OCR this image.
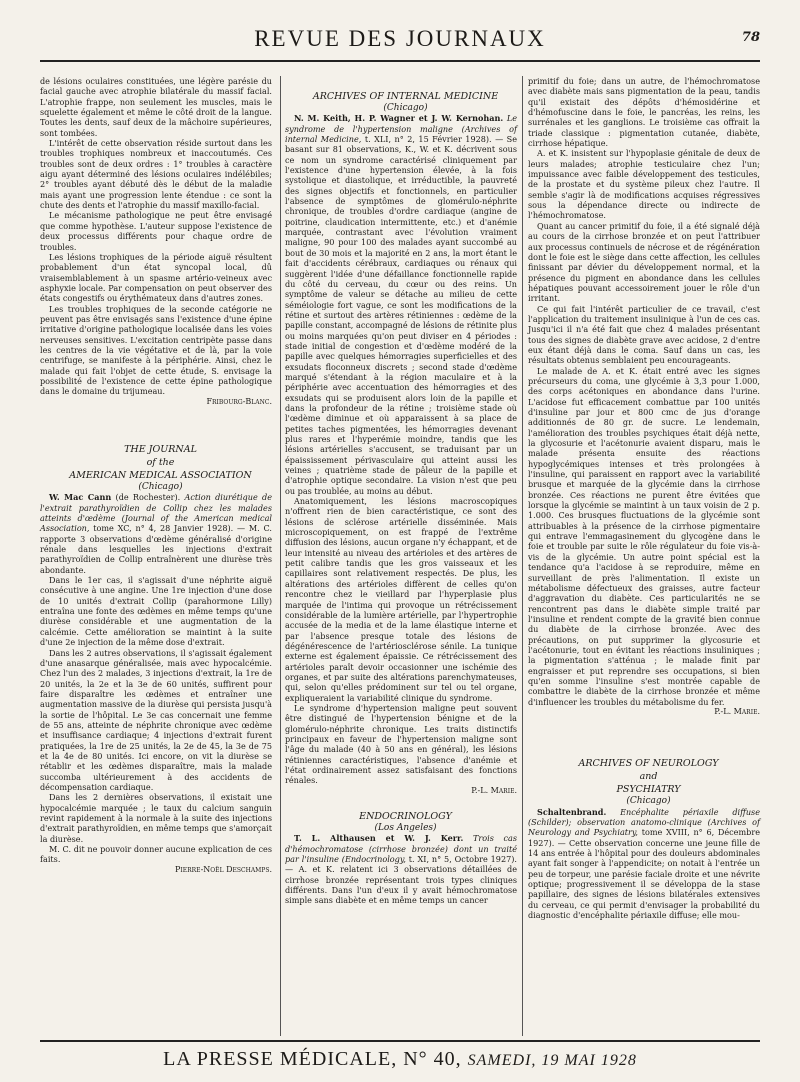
REVUE DES JOURNAUX	78

de lésions oculaires constituées, une légère parésie du facial gauche avec atrophie bilatérale du massif facial. L'atrophie frappe, non seulement les muscles, mais le squelette également et même le côté droit de la langue. Toutes les dents, sauf deux de la mâchoire supérieures, sont tombées.

L'intérêt de cette observation réside surtout dans les troubles trophiques nombreux et inaccoutumés. Ces troubles sont de deux ordres : 1° troubles à caractère aigu ayant déterminé des lésions oculaires indélébiles; 2° troubles ayant débuté dès le début de la maladie mais ayant une progression lente étendue : ce sont la chute des dents et l'atrophie du massif maxillo-facial.

Le mécanisme pathologique ne peut être envisagé que comme hypothèse. L'auteur suppose l'existence de deux processus différents pour chaque ordre de troubles.

Les lésions trophiques de la période aiguë résultent probablement d'un état syncopal local, dû vraisemblablement à un spasme artério-veineux avec asphyxie locale. Par compensation on peut observer des états congestifs ou érythémateux dans d'autres zones.

Les troubles trophiques de la seconde catégorie ne peuvent pas être envisagés sans l'existence d'une épine irritative d'origine pathologique localisée dans les voies nerveuses sensitives. L'excitation centripète passe dans les centres de la vie végétative et de là, par la voie centrifuge, se manifeste à la périphérie. Ainsi, chez le malade qui fait l'objet de cette étude, S. envisage la possibilité de l'existence de cette épine pathologique dans le domaine du trijumeau.

Fribourg-Blanc.

THE JOURNAL

of the

AMERICAN MEDICAL ASSOCIATION

(Chicago)

W. Mac Cann (de Rochester). Action diurétique de l'extrait parathyroïdien de Collip chez les malades atteints d'œdème (Journal of the American medical Association, tome XC, n° 4, 28 Janvier 1928). — M. C. rapporte 3 observations d'œdème généralisé d'origine rénale dans lesquelles les injections d'extrait parathyroïdien de Collip entraînèrent une diurèse très abondante.

Dans le 1er cas, il s'agissait d'une néphrite aiguë consécutive à une angine. Une 1re injection d'une dose de 10 unités d'extrait Collip (parahormone Lilly) entraîna une fonte des œdèmes en même temps qu'une diurèse considérable et une augmentation de la calcémie. Cette amélioration se maintint à la suite d'une 2e injection de la même dose d'extrait.

Dans les 2 autres observations, il s'agissait également d'une anasarque généralisée, mais avec hypocalcémie. Chez l'un des 2 malades, 3 injections d'extrait, la 1re de 20 unités, la 2e et la 3e de 60 unités, suffirent pour faire disparaître les œdèmes et entraîner une augmentation massive de la diurèse qui persista jusqu'à la sortie de l'hôpital. Le 3e cas concernait une femme de 55 ans, atteinte de néphrite chronique avec œdème et insuffisance cardiaque; 4 injections d'extrait furent pratiquées, la 1re de 25 unités, la 2e de 45, la 3e de 75 et la 4e de 80 unités. Ici encore, on vit la diurèse se rétablir et les œdèmes disparaître, mais la malade succomba ultérieurement à des accidents de décompensation cardiaque.

Dans les 2 dernières observations, il existait une hypocalcémie marquée ; le taux du calcium sanguin revint rapidement à la normale à la suite des injections d'extrait parathyroïdien, en même temps que s'amorçait la diurèse.

M. C. dit ne pouvoir donner aucune explication de ces faits.

Pierre-Noël Deschamps.

ARCHIVES OF INTERNAL MEDICINE

(Chicago)

N. M. Keith, H. P. Wagner et J. W. Kernohan. Le syndrome de l'hypertension maligne (Archives of internal Medicine, t. XLI, n° 2, 15 Février 1928). — Se basant sur 81 observations, K., W. et K. décrivent sous ce nom un syndrome caractérisé cliniquement par l'existence d'une hypertension élevée, à la fois systolique et diastolique, et irréductible, la pauvreté des signes objectifs et fonctionnels, en particulier l'absence de symptômes de glomérulo-néphrite chronique, de troubles d'ordre cardiaque (angine de poitrine, claudication intermittente, etc.) et d'anémie marquée, contrastant avec l'évolution vraiment maligne, 90 pour 100 des malades ayant succombé au bout de 30 mois et la majorité en 2 ans, la mort étant le fait d'accidents cérébraux, cardiaques ou rénaux qui suggèrent l'idée d'une défaillance fonctionnelle rapide du côté du cerveau, du cœur ou des reins. Un symptôme de valeur se détache au milieu de cette séméiologie fort vague, ce sont les modifications de la rétine et surtout des artères rétiniennes : œdème de la papille constant, accompagné de lésions de rétinite plus ou moins marquées qu'on peut diviser en 4 périodes : stade initial de congestion et d'œdème modéré de la papille avec quelques hémorragies superficielles et des exsudats floconneux discrets ; second stade d'œdème marqué s'étendant à la région maculaire et à la périphérie avec accentuation des hémorragies et des exsudats qui se produisent alors loin de la papille et dans la profondeur de la rétine ; troisième stade où l'œdème diminue et où apparaissent à sa place de petites taches pigmentées, les hémorragies devenant plus rares et l'hyperémie moindre, tandis que les lésions artérielles s'accusent, se traduisant par un épaississement périvasculaire qui atteint aussi les veines ; quatrième stade de pâleur de la papille et d'atrophie optique secondaire. La vision n'est que peu ou pas troublée, au moins au début.

Anatomiquement, les lésions macroscopiques n'offrent rien de bien caractéristique, ce sont des lésions de sclérose artérielle disséminée. Mais microscopiquement, on est frappé de l'extrême diffusion des lésions, aucun organe n'y échappant, et de leur intensité au niveau des artérioles et des artères de petit calibre tandis que les gros vaisseaux et les capillaires sont relativement respectés. De plus, les altérations des artérioles diffèrent de celles qu'on rencontre chez le vieillard par l'hyperplasie plus marquée de l'intima qui provoque un rétrécissement considérable de la lumière artérielle, par l'hypertrophie accusée de la media et de la lame élastique interne et par l'absence presque totale des lésions de dégénérescence de l'artériosclérose sénile. La tunique externe est également épaissie. Ce rétrécissement des artérioles paraît devoir occasionner une ischémie des organes, et par suite des altérations parenchymateuses, qui, selon qu'elles prédominent sur tel ou tel organe, expliqueraient la variabilité clinique du syndrome.

Le syndrome d'hypertension maligne peut souvent être distingué de l'hypertension bénigne et de la glomérulo-néphrite chronique. Les traits distinctifs principaux en faveur de l'hypertension maligne sont l'âge du malade (40 à 50 ans en général), les lésions rétiniennes caractéristiques, l'absence d'anémie et l'état ordinairement assez satisfaisant des fonctions rénales.

P.-L. Marie.

ENDOCRINOLOGY

(Los Angeles)

T. L. Althausen et W. J. Kerr. Trois cas d'hémochromatose (cirrhose bronzée) dont un traité par l'insuline (Endocrinology, t. XI, n° 5, Octobre 1927). — A. et K. relatent ici 3 observations détaillées de cirrhose bronzée représentant trois types cliniques différents. Dans l'un d'eux il y avait hémochromatose simple sans diabète et en même temps un cancer

primitif du foie; dans un autre, de l'hémochromatose avec diabète mais sans pigmentation de la peau, tandis qu'il existait des dépôts d'hémosidérine et d'hémofuscine dans le foie, le pancréas, les reins, les surrénales et les ganglions. Le troisième cas offrait la triade classique : pigmentation cutanée, diabète, cirrhose hépatique.

A. et K. insistent sur l'hypoplasie génitale de deux de leurs malades; atrophie testiculaire chez l'un; impuissance avec faible développement des testicules, de la prostate et du système pileux chez l'autre. Il semble s'agir là de modifications acquises régressives sous la dépendance directe ou indirecte de l'hémochromatose.

Quant au cancer primitif du foie, il a été signalé déjà au cours de la cirrhose bronzée et on peut l'attribuer aux processus continuels de nécrose et de régénération dont le foie est le siège dans cette affection, les cellules finissant par dévier du développement normal, et la présence du pigment en abondance dans les cellules hépatiques pouvant accessoirement jouer le rôle d'un irritant.

Ce qui fait l'intérêt particulier de ce travail, c'est l'application du traitement insulinique à l'un de ces cas. Jusqu'ici il n'a été fait que chez 4 malades présentant tous des signes de diabète grave avec acidose, 2 d'entre eux étant déjà dans le coma. Sauf dans un cas, les résultats obtenus semblaient peu encourageants.

Le malade de A. et K. était entré avec les signes précurseurs du coma, une glycémie à 3,3 pour 1.000, des corps acétoniques en abondance dans l'urine. L'acidose fut efficacement combattue par 100 unités d'insuline par jour et 800 cmc de jus d'orange additionnés de 80 gr. de sucre. Le lendemain, l'amélioration des troubles psychiques était déjà nette, la glycosurie et l'acétonurie avaient disparu, mais le malade présenta ensuite des réactions hypoglycémiques intenses et très prolongées à l'insuline, qui paraissent en rapport avec la variabilité brusque et marquée de la glycémie dans la cirrhose bronzée. Ces réactions ne purent être évitées que lorsque la glycémie se maintint à un taux voisin de 2 p. 1.000. Ces brusques fluctuations de la glycémie sont attribuables à la présence de la cirrhose pigmentaire qui entrave l'emmagasinement du glycogène dans le foie et trouble par suite le rôle régulateur du foie vis-à-vis de la glycémie. Un autre point spécial est la tendance qu'a l'acidose à se reproduire, même en surveillant de près l'alimentation. Il existe un métabolisme défectueux des graisses, autre facteur d'aggravation du diabète. Ces particularités ne se rencontrent pas dans le diabète simple traité par l'insuline et rendent compte de la gravité bien connue du diabète de la cirrhose bronzée. Avec des précautions, on put supprimer la glycosurie et l'acétonurie, tout en évitant les réactions insuliniques ; la pigmentation s'atténua ; le malade finit par engraisser et put reprendre ses occupations, si bien qu'en somme l'insuline s'est montrée capable de combattre le diabète de la cirrhose bronzée et même d'influencer les troubles du métabolisme du fer.

P.-L. Marie.

ARCHIVES OF NEUROLOGY

and

PSYCHIATRY

(Chicago)

Schaltenbrand. Encéphalite périaxile diffuse (Schilder); observation anatomo-clinique (Archives of Neurology and Psychiatry, tome XVIII, n° 6, Décembre 1927). — Cette observation concerne une jeune fille de 14 ans entrée à l'hôpital pour des douleurs abdominales ayant fait songer à l'appendicite; on notait à l'entrée un peu de torpeur, une parésie faciale droite et une névrite optique; progressivement il se développa de la stase papillaire, des signes de lésions bilatérales extensives du cerveau, ce qui permit d'envisager la probabilité du diagnostic d'encéphalite périaxile diffuse; elle mou-

LA PRESSE MÉDICALE, N° 40, SAMEDI, 19 MAI 1928
